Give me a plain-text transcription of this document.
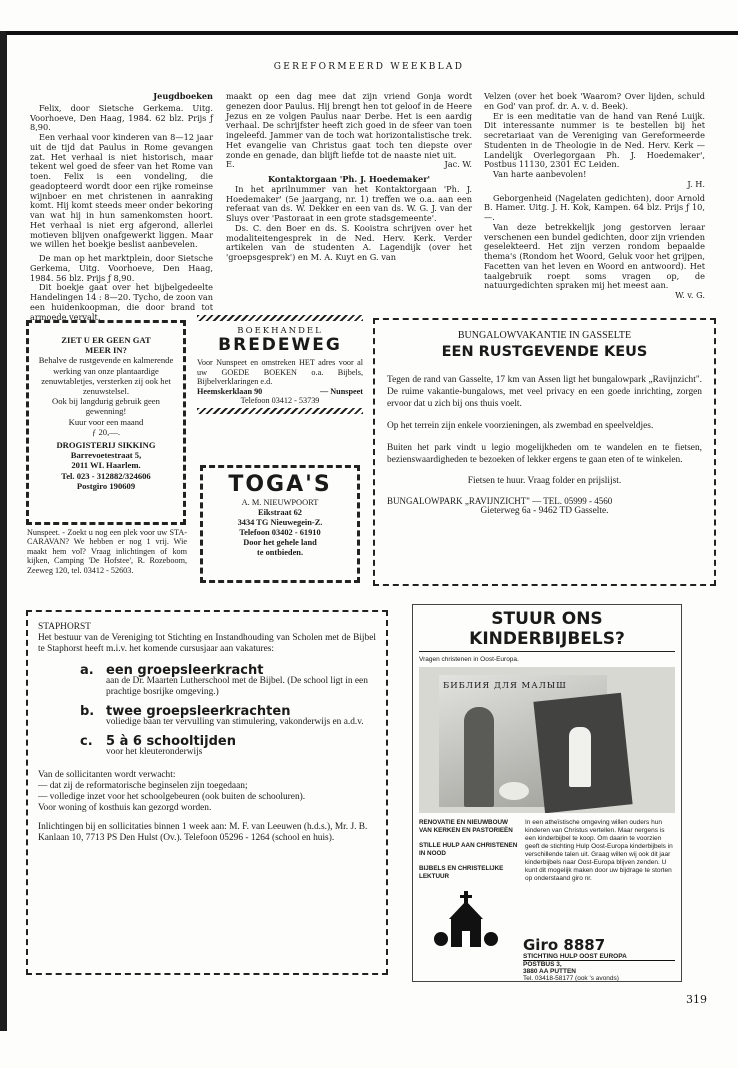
GEREFORMEERD WEEKBLAD
Jeugdboeken
Felix, door Sietsche Gerkema. Uitg. Voorhoeve, Den Haag, 1984. 62 blz. Prijs ƒ 8,90.
Een verhaal voor kinderen van 8—12 jaar uit de tijd dat Paulus in Rome gevangen zat. Het verhaal is niet historisch, maar tekent wel goed de sfeer van het Rome van toen. Felix is een vondeling, die geadopteerd wordt door een rijke romeinse wijnboer en met christenen in aanraking komt. Hij komt steeds meer onder bekoring van wat hij in hun samenkomsten hoort. Het verhaal is niet erg afgerond, allerlei motieven blijven onafgewerkt liggen. Maar we willen het boekje beslist aanbevelen.
De man op het marktplein, door Sietsche Gerkema, Uitg. Voorhoeve, Den Haag, 1984. 56 blz. Prijs ƒ 8,90.
Dit boekje gaat over het bijbelgedeelte Handelingen 14 : 8—20. Tycho, de zoon van een huidenkoopman, die door brand tot armoede vervalt,
maakt op een dag mee dat zijn vriend Gonja wordt genezen door Paulus. Hij brengt hen tot geloof in de Heere Jezus en ze volgen Paulus naar Derbe. Het is een aardig verhaal. De schrijfster heeft zich goed in de sfeer van toen ingeleefd. Jammer van de toch wat horizontalistische trek. Het evangelie van Christus gaat toch ten diepste over zonde en genade, dan blijft liefde tot de naaste niet uit.
E.	Jac. W.
Kontaktorgaan 'Ph. J. Hoedemaker'
In het aprilnummer van het Kontaktorgaan 'Ph. J. Hoedemaker' (5e jaargang, nr. 1) treffen we o.a. aan een referaat van ds. W. Dekker en een van ds. W. G. J. van der Sluys over 'Pastoraat in een grote stadsgemeente'.
Ds. C. den Boer en ds. S. Kooistra schrijven over het modaliteitengesprek in de Ned. Herv. Kerk. Verder artikelen van de studenten A. Lagendijk (over het 'groepsgesprek') en M. A. Kuyt en G. van
Velzen (over het boek 'Waarom? Over lijden, schuld en God' van prof. dr. A. v. d. Beek).
Er is een meditatie van de hand van René Luijk. Dit interessante nummer is te bestellen bij het secretariaat van de Vereniging van Gereformeerde Studenten in de Theologie in de Ned. Herv. Kerk — Landelijk Overlegorgaan Ph. J. Hoedemaker', Postbus 11130, 2301 EC Leiden.
Van harte aanbevolen!
J. H.
Geborgenheid (Nagelaten gedichten), door Arnold B. Hamer. Uitg. J. H. Kok, Kampen. 64 blz. Prijs ƒ 10,—.
Van deze betrekkelijk jong gestorven leraar verschenen een bundel gedichten, door zijn vrienden geselekteerd. Het zijn verzen rondom bepaalde thema's (Rondom het Woord, Geluk voor het grijpen, Facetten van het leven en Woord en antwoord). Het taalgebruik roept soms vragen op, de natuurgedichten spraken mij het meest aan.
W. v. G.
ZIET U ER GEEN GAT
MEER IN?
Behalve de rustgevende en kalmerende werking van onze plantaardige zenuwtabletjes, versterken zij ook het zenuwstelsel.
Ook bij langdurig gebruik geen gewenning!
Kuur voor een maand
ƒ 20,—.
DROGISTERIJ SIKKING
Barrevoetestraat 5,
2011 WL Haarlem.
Tel. 023 - 312882/324606
Postgiro 190609
Nunspeet. - Zoekt u nog een plek voor uw STA-CARAVAN? We hebben er nog 1 vrij. Wie maakt hem vol? Vraag inlichtingen of kom kijken, Camping 'De Hofstee', R. Rozeboom, Zeeweg 120, tel. 03412 - 52603.
BOEKHANDEL
BREDEWEG
Voor Nunspeet en omstreken HET adres voor al uw GOEDE BOEKEN o.a. Bijbels, Bijbelverklaringen e.d.
Heemskerklaan 90	— Nunspeet
Telefoon 03412 - 53739
TOGA'S
A. M. NIEUWPOORT
Eikstraat 62
3434 TG Nieuwegein-Z.
Telefoon 03402 - 61910
Door het gehele land
te ontbieden.
BUNGALOWVAKANTIE IN GASSELTE
EEN RUSTGEVENDE KEUS
Tegen de rand van Gasselte, 17 km van Assen ligt het bungalowpark „Ravijnzicht". De ruime vakantie-bungalows, met veel privacy en een goede inrichting, zorgen ervoor dat u zich bij ons thuis voelt.
Op het terrein zijn enkele voorzieningen, als zwembad en speelveldjes.
Buiten het park vindt u legio mogelijkheden om te wandelen en te fietsen, bezienswaardigheden te bezoeken of lekker ergens te gaan eten of te winkelen.
Fietsen te huur. Vraag folder en prijslijst.
BUNGALOWPARK „RAVIJNZICHT" — TEL. 05999 - 4560
Gieterweg 6a - 9462 TD Gasselte.
STAPHORST
Het bestuur van de Vereniging tot Stichting en Instandhouding van Scholen met de Bijbel te Staphorst heeft m.i.v. het komende cursusjaar aan vakatures:
a. een groepsleerkracht
aan de Dr. Maarten Lutherschool met de Bijbel. (De school ligt in een prachtige bosrijke omgeving.)
b. twee groepsleerkrachten
voliedige baan ter vervulling van stimulering, vakonderwijs en a.d.v.
c.	5 à 6 schooltijden
voor het kleuteronderwijs
Van de sollicitanten wordt verwacht:
— dat zij de reformatorische beginselen zijn toegedaan;
— volledige inzet voor het schoolgebeuren (ook buiten de schooluren).
Voor woning of kosthuis kan gezorgd worden.
Inlichtingen bij en sollicitaties binnen 1 week aan: M. F. van Leeuwen (h.d.s.), Mr. J. B. Kanlaan 10, 7713 PS Den Hulst (Ov.). Telefoon 05296 - 1264 (school en huis).
STUUR ONS
KINDERBIJBELS?
Vragen christenen in Oost-Europa.
БИБЛИЯ ДЛЯ МАЛЫШ
RENOVATIE EN NIEUWBOUW VAN KERKEN EN PASTORIEËN
STILLE HULP AAN CHRISTENEN IN NOOD
BIJBELS EN CHRISTELIJKE LEKTUUR
In een atheïstische omgeving willen ouders hun kinderen van Christus vertellen. Maar nergens is een kinderbijbel te koop. Om daarin te voorzien geeft de stichting Hulp Oost-Europa kinderbijbels in verschillende talen uit. Graag willen wij ook dit jaar kinderbijbels naar Oost-Europa blijven zenden. U kunt dit mogelijk maken door uw bijdrage te storten op onderstaand giro nr.
Giro 8887
STICHTING HULP OOST EUROPA
POSTBUS 3,
3880 AA PUTTEN
Tel. 03418-58177 (ook 's avonds)
319
